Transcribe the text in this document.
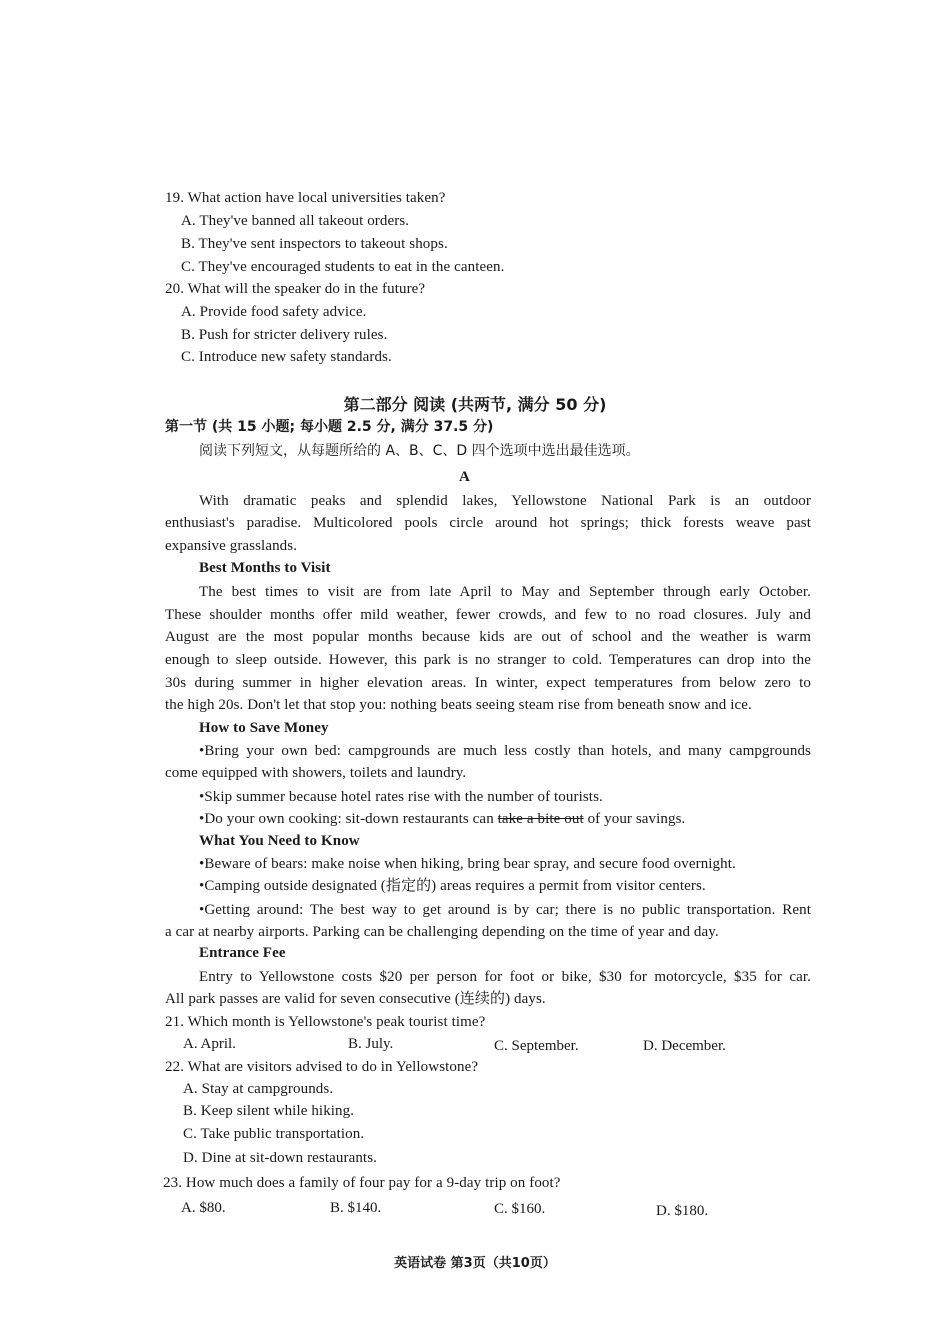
19. What action have local universities taken?
A. They've banned all takeout orders.
B. They've sent inspectors to takeout shops.
C. They've encouraged students to eat in the canteen.
20. What will the speaker do in the future?
A. Provide food safety advice.
B. Push for stricter delivery rules.
C. Introduce new safety standards.
第二部分 阅读 (共两节, 满分 50 分)
第一节 (共 15 小题; 每小题 2.5 分, 满分 37.5 分)
阅读下列短文，从每题所给的 A、B、C、D 四个选项中选出最佳选项。
A
With dramatic peaks and splendid lakes, Yellowstone National Park is an outdoor
enthusiast's paradise. Multicolored pools circle around hot springs; thick forests weave past
expansive grasslands.
Best Months to Visit
The best times to visit are from late April to May and September through early October.
These shoulder months offer mild weather, fewer crowds, and few to no road closures. July and
August are the most popular months because kids are out of school and the weather is warm
enough to sleep outside. However, this park is no stranger to cold. Temperatures can drop into the
30s during summer in higher elevation areas. In winter, expect temperatures from below zero to
the high 20s. Don't let that stop you: nothing beats seeing steam rise from beneath snow and ice.
How to Save Money
•Bring your own bed: campgrounds are much less costly than hotels, and many campgrounds
come equipped with showers, toilets and laundry.
•Skip summer because hotel rates rise with the number of tourists.
•Do your own cooking: sit-down restaurants can take a bite out of your savings.
What You Need to Know
•Beware of bears: make noise when hiking, bring bear spray, and secure food overnight.
•Camping outside designated (指定的) areas requires a permit from visitor centers.
•Getting around: The best way to get around is by car; there is no public transportation. Rent
a car at nearby airports. Parking can be challenging depending on the time of year and day.
Entrance Fee
Entry to Yellowstone costs $20 per person for foot or bike, $30 for motorcycle, $35 for car.
All park passes are valid for seven consecutive (连续的) days.
21. Which month is Yellowstone's peak tourist time?
A. April.	B. July.	C. September.	D. December.
22. What are visitors advised to do in Yellowstone?
A. Stay at campgrounds.
B. Keep silent while hiking.
C. Take public transportation.
D. Dine at sit-down restaurants.
23. How much does a family of four pay for a 9-day trip on foot?
A. $80.	B. $140.	C. $160.	D. $180.
英语试卷 第3页（共10页）
